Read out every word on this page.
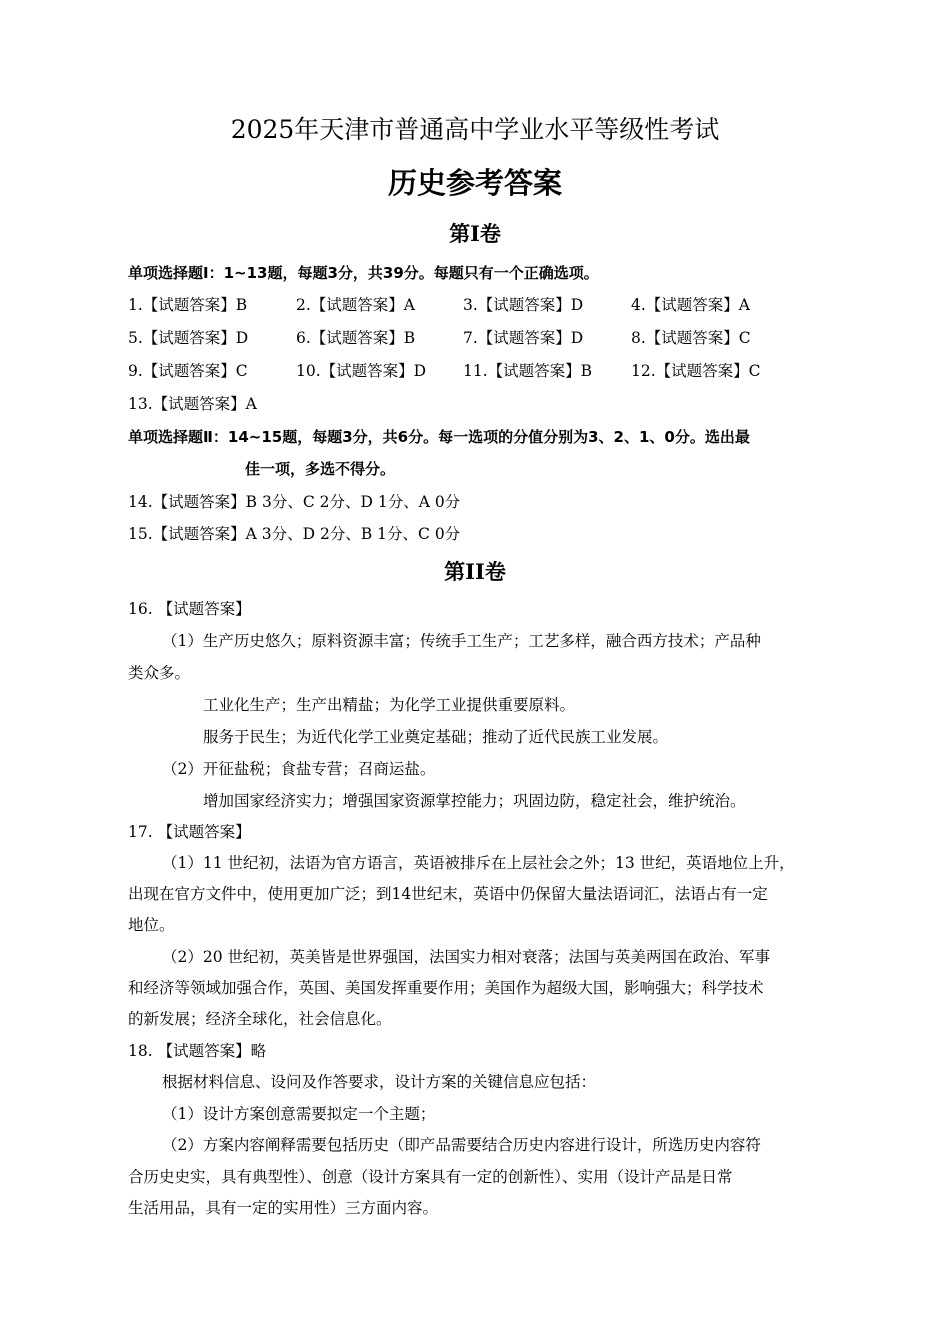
2025年天津市普通高中学业水平等级性考试
历史参考答案
第I卷
单项选择题Ⅰ：1~13题，每题3分，共39分。每题只有一个正确选项。
1.【试题答案】B	2.【试题答案】A	3.【试题答案】D	4.【试题答案】A
5.【试题答案】D	6.【试题答案】B	7.【试题答案】D	8.【试题答案】C
9.【试题答案】C	10.【试题答案】D 11.【试题答案】B	12.【试题答案】C
13.【试题答案】A
单项选择题Ⅱ：14~15题，每题3分，共6分。每一选项的分值分别为3、2、1、0分。选出最
佳一项，多选不得分。
14.【试题答案】B 3分、C 2分、D 1分、A 0分
15.【试题答案】A 3分、D 2分、B 1分、C 0分
第II卷
16. 【试题答案】
（1）生产历史悠久；原料资源丰富；传统手工生产；工艺多样，融合西方技术；产品种
类众多。
工业化生产；生产出精盐；为化学工业提供重要原料。
服务于民生；为近代化学工业奠定基础；推动了近代民族工业发展。
（2）开征盐税；食盐专营；召商运盐。
增加国家经济实力；增强国家资源掌控能力；巩固边防，稳定社会，维护统治。
17. 【试题答案】
（1）11 世纪初，法语为官方语言，英语被排斥在上层社会之外；13 世纪，英语地位上升，
出现在官方文件中，使用更加广泛；到14世纪末，英语中仍保留大量法语词汇，法语占有一定
地位。
（2）20 世纪初，英美皆是世界强国，法国实力相对衰落；法国与英美两国在政治、军事
和经济等领域加强合作，英国、美国发挥重要作用；美国作为超级大国，影响强大；科学技术
的新发展；经济全球化，社会信息化。
18. 【试题答案】略
根据材料信息、设问及作答要求，设计方案的关键信息应包括：
（1）设计方案创意需要拟定一个主题；
（2）方案内容阐释需要包括历史（即产品需要结合历史内容进行设计，所选历史内容符
合历史史实，具有典型性）、创意（设计方案具有一定的创新性）、实用（设计产品是日常
生活用品，具有一定的实用性）三方面内容。
